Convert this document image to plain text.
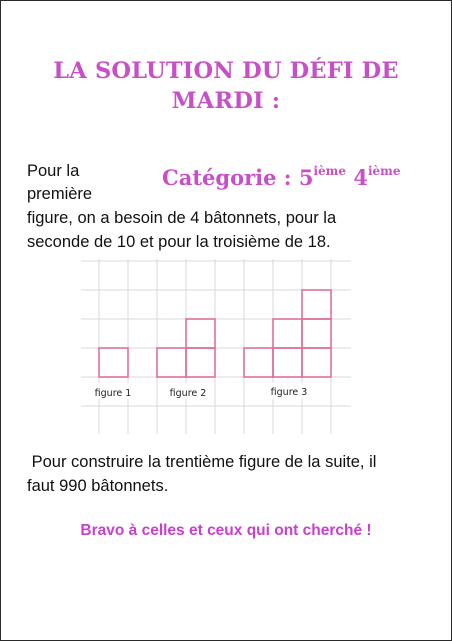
LA SOLUTION DU DÉFI DE
MARDI :
Pour la
première
Catégorie : 5ième 4ième
figure, on a besoin de 4 bâtonnets, pour la
seconde de 10 et pour la troisième de 18.
figure 1	figure 2	figure 3
Pour construire la trentième figure de la suite, il
faut 990 bâtonnets.
Bravo à celles et ceux qui ont cherché !
